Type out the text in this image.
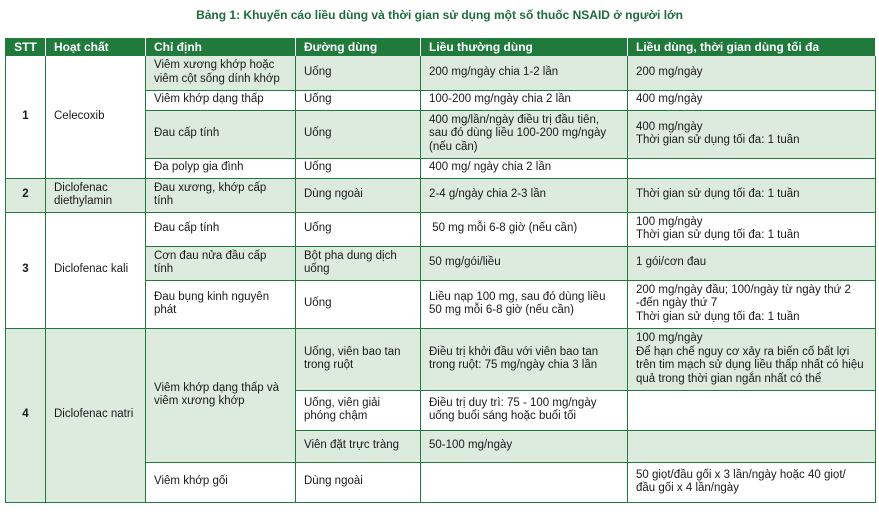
Bảng 1: Khuyến cáo liều dùng và thời gian sử dụng một số thuốc NSAID ở người lớn
STT	Hoạt chất	Chỉ định	Đường dùng	Liều thường dùng	Liều dùng, thời gian dùng tối đa
1	Celecoxib	Viêm xương khớp hoặc viêm cột sống dính khớp	Uống	200 mg/ngày chia 1-2 lần	200 mg/ngày
		Viêm khớp dạng thấp	Uống	100-200 mg/ngày chia 2 lần	400 mg/ngày
		Đau cấp tính	Uống	400 mg/lần/ngày điều trị đầu tiên, sau đó dùng liều 100-200 mg/ngày (nếu cần)	400 mg/ngày
Thời gian sử dụng tối đa: 1 tuần
		Đa polyp gia đình	Uống	400 mg/ ngày chia 2 lần	
2	Diclofenac diethylamin	Đau xương, khớp cấp tính	Dùng ngoài	2-4 g/ngày chia 2-3 lần	Thời gian sử dụng tối đa: 1 tuần
3	Diclofenac kali	Đau cấp tính	Uống	50 mg mỗi 6-8 giờ (nếu cần)	100 mg/ngày
Thời gian sử dụng tối đa: 1 tuần
		Cơn đau nửa đầu cấp tính	Bột pha dung dịch uống	50 mg/gói/liều	1 gói/cơn đau
		Đau bụng kinh nguyên phát	Uống	Liều nạp 100 mg, sau đó dùng liều 50 mg mỗi 6-8 giờ (nếu cần)	200 mg/ngày đầu; 100/ngày từ ngày thứ 2 -đến ngày thứ 7
Thời gian sử dụng tối đa: 1 tuần
4	Diclofenac natri	Viêm khớp dạng thấp và viêm xương khớp	Uống, viên bao tan trong ruột	Điều trị khởi đầu với viên bao tan trong ruột: 75 mg/ngày chia 3 lần	100 mg/ngày
Để hạn chế nguy cơ xảy ra biến cố bất lợi trên tim mạch sử dụng liều thấp nhất có hiệu quả trong thời gian ngắn nhất có thể
			Uống, viên giải phóng chậm	Điều trị duy trì: 75 - 100 mg/ngày uống buổi sáng hoặc buổi tối	
			Viên đặt trực tràng	50-100 mg/ngày	
		Viêm khớp gối	Dùng ngoài		50 giọt/đầu gối x 3 lần/ngày hoặc 40 giọt/ đầu gối x 4 lần/ngày
